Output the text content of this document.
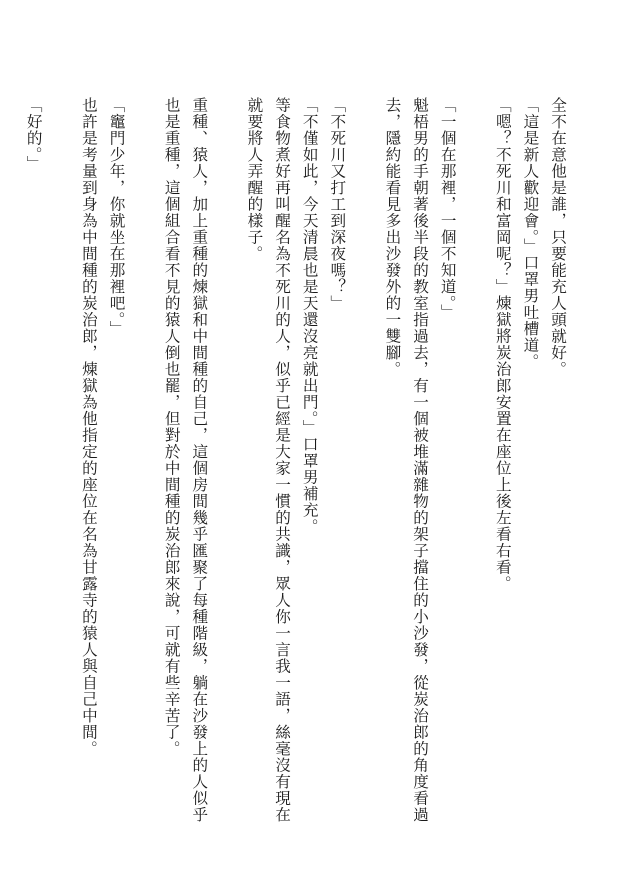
全不在意他是誰，只要能充人頭就好。
「這是新人歡迎會。」口罩男吐槽道。
「嗯？不死川和富岡呢？」煉獄將炭治郎安置在座位上後左看右看。
「一個在那裡，一個不知道。」
魁梧男的手朝著後半段的教室指過去，有一個被堆滿雜物的架子擋住的小沙發，從炭治郎的角度看過
去，隱約能看見多出沙發外的一雙腳。
「不死川又打工到深夜嗎？」
「不僅如此，今天清晨也是天還沒亮就出門。」口罩男補充。
等食物煮好再叫醒名為不死川的人，似乎已經是大家一慣的共識，眾人你一言我一語，絲毫沒有現在
就要將人弄醒的樣子。
重種、猿人，加上重種的煉獄和中間種的自己，這個房間幾乎匯聚了每種階級，躺在沙發上的人似乎
也是重種，這個組合看不見的猿人倒也罷，但對於中間種的炭治郎來說，可就有些辛苦了。
「竈門少年，你就坐在那裡吧。」
也許是考量到身為中間種的炭治郎，煉獄為他指定的座位在名為甘露寺的猿人與自己中間。
「好的。」
